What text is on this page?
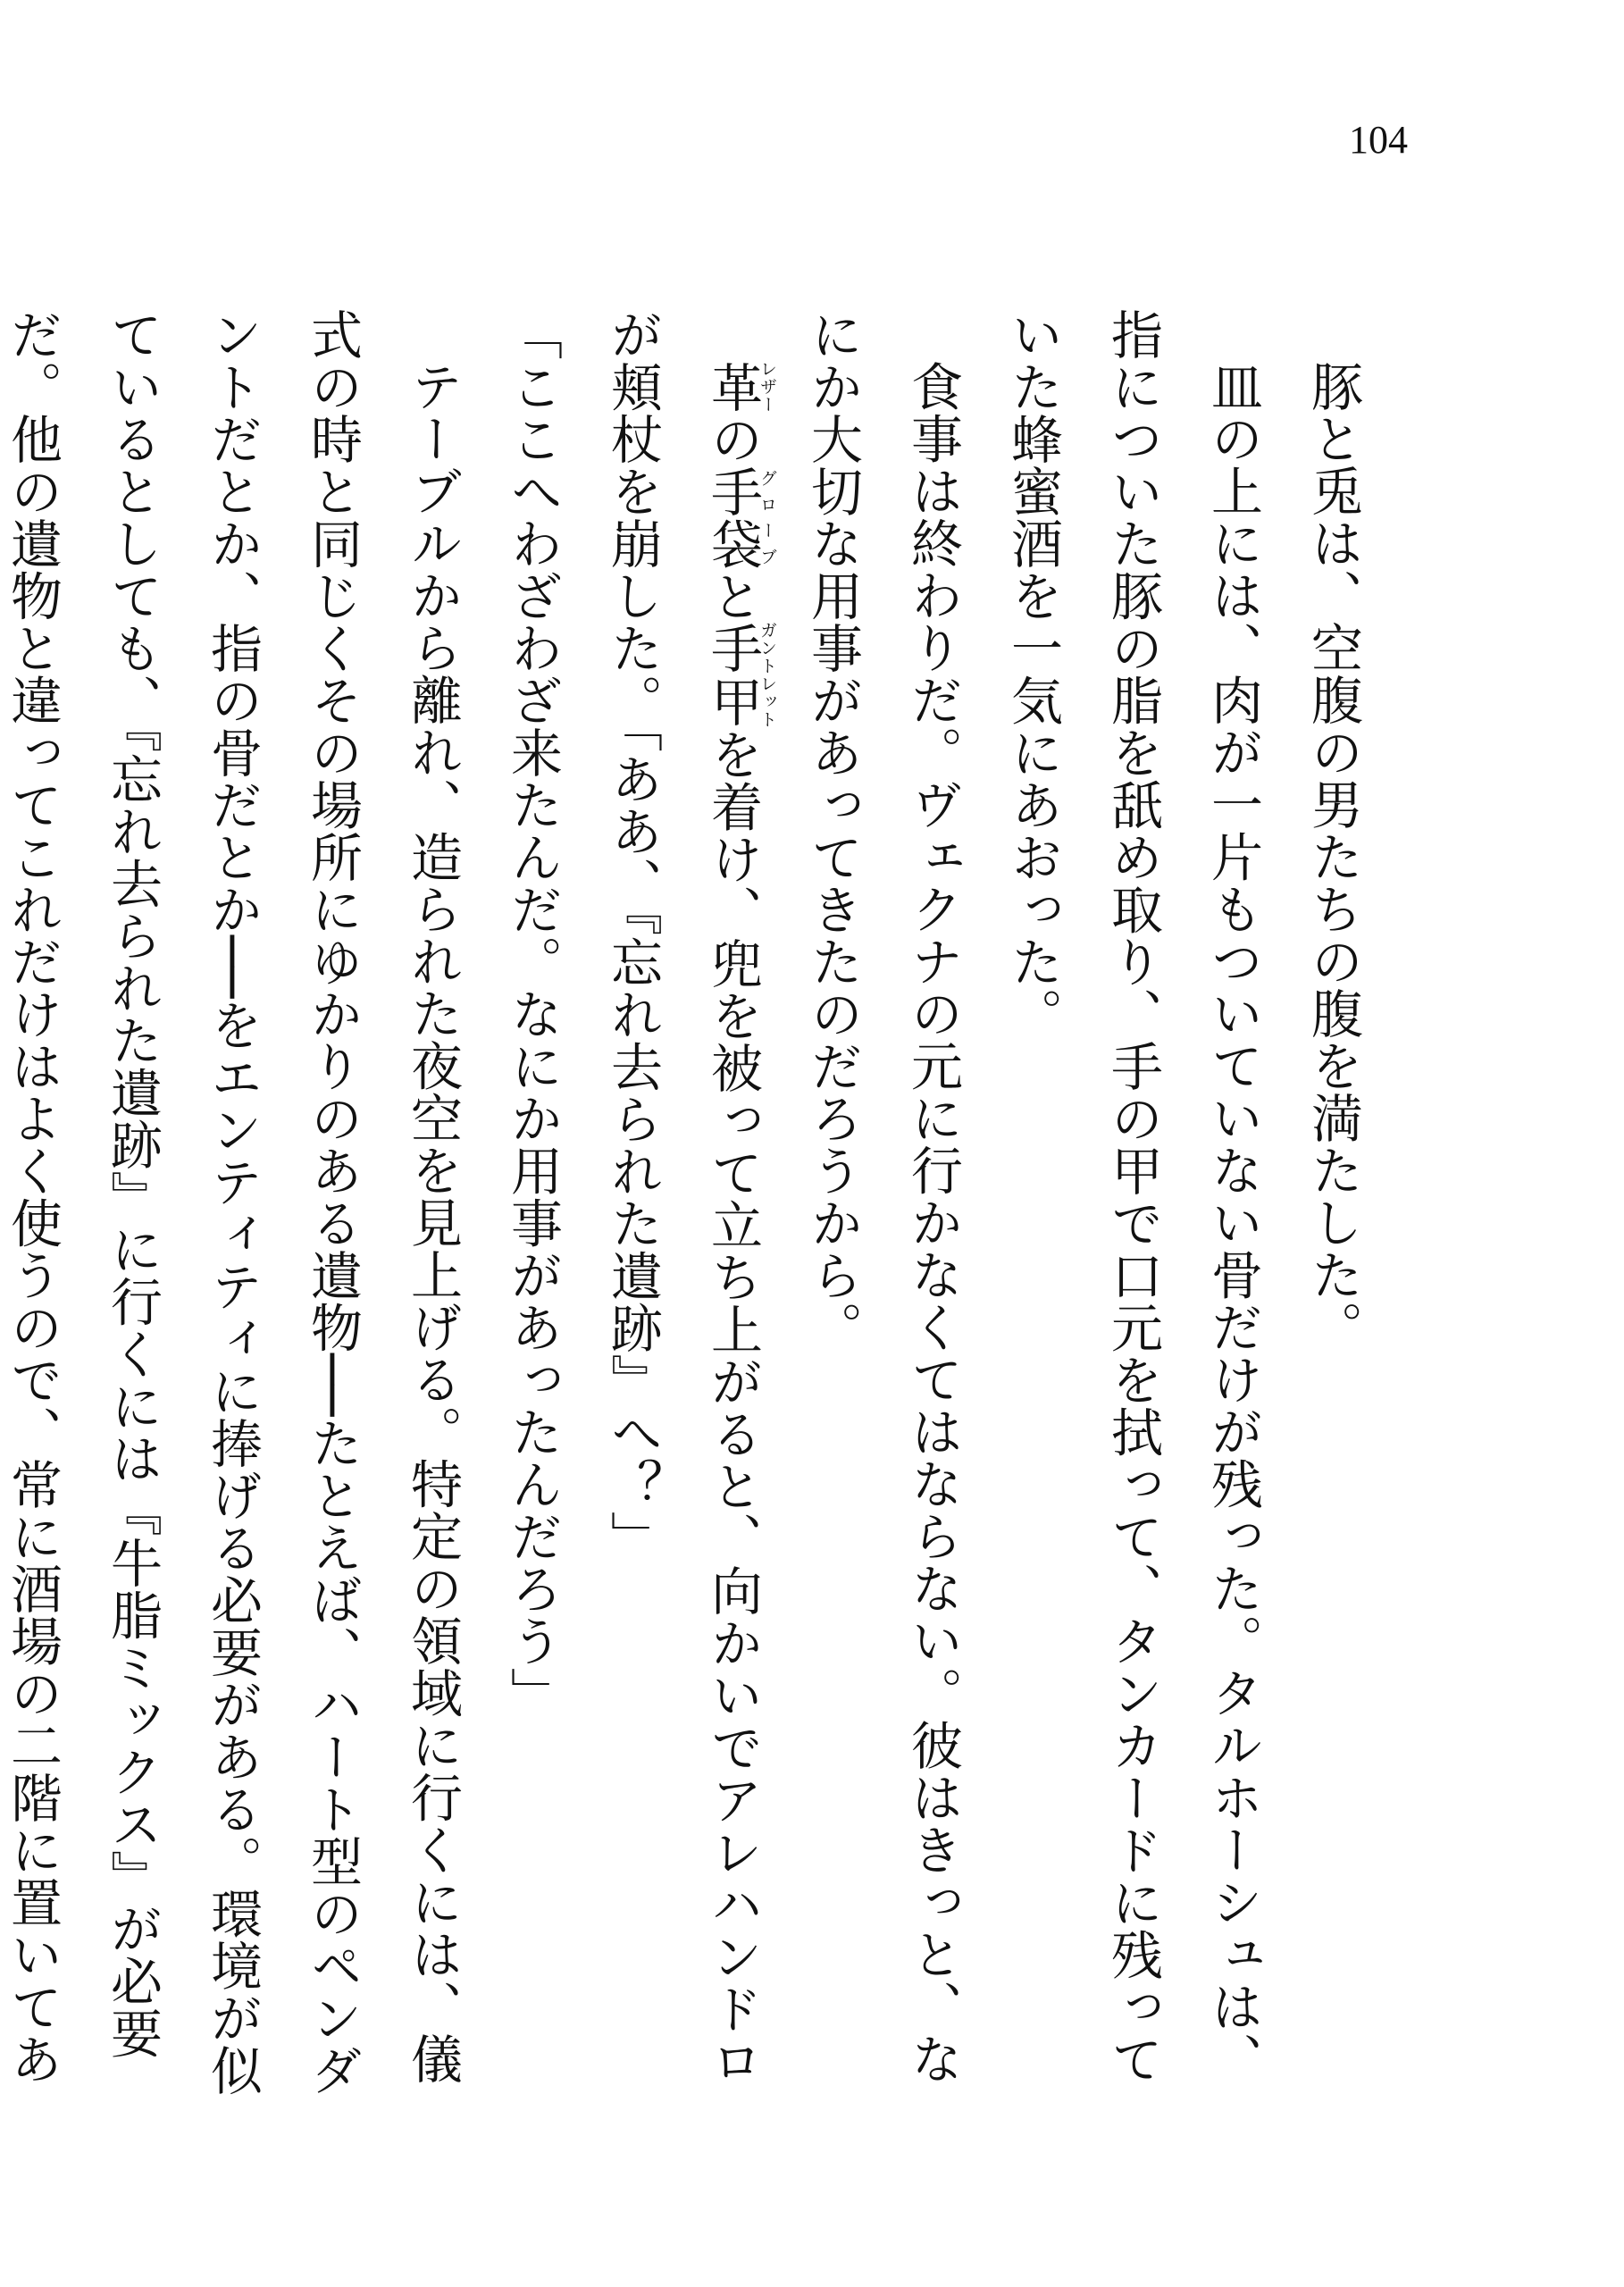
104

豚と兎は、空腹の男たちの腹を満たした。

皿の上には、肉が一片もついていない骨だけが残った。タルホーシュは、指についた豚の脂を舐め取り、手の甲で口元を拭って、タンカードに残っていた蜂蜜酒を一気にあおった。

食事は終わりだ。ヴェクナの元に行かなくてはならない。彼はきっと、なにか大切な用事があってきたのだろうから。

革レザーの手袋グローブと手甲ガントレットを着け、兜を被って立ち上がると、向かいでアレハンドロが頬杖を崩した。「ああ、『忘れ去られた遺跡』へ？」

「ここへわざわざ来たんだ。なにか用事があったんだろう」

テーブルから離れ、造られた夜空を見上げる。特定の領域に行くには、儀式の時と同じくその場所にゆかりのある遺物──たとえば、ハート型のペンダントだとか、指の骨だとか──をエンティティに捧げる必要がある。環境が似ているとしても、『忘れ去られた遺跡』に行くには『牛脂ミックス』が必要だ。他の遺物と違ってこれだけはよく使うので、常に酒場の二階に置いてあ
